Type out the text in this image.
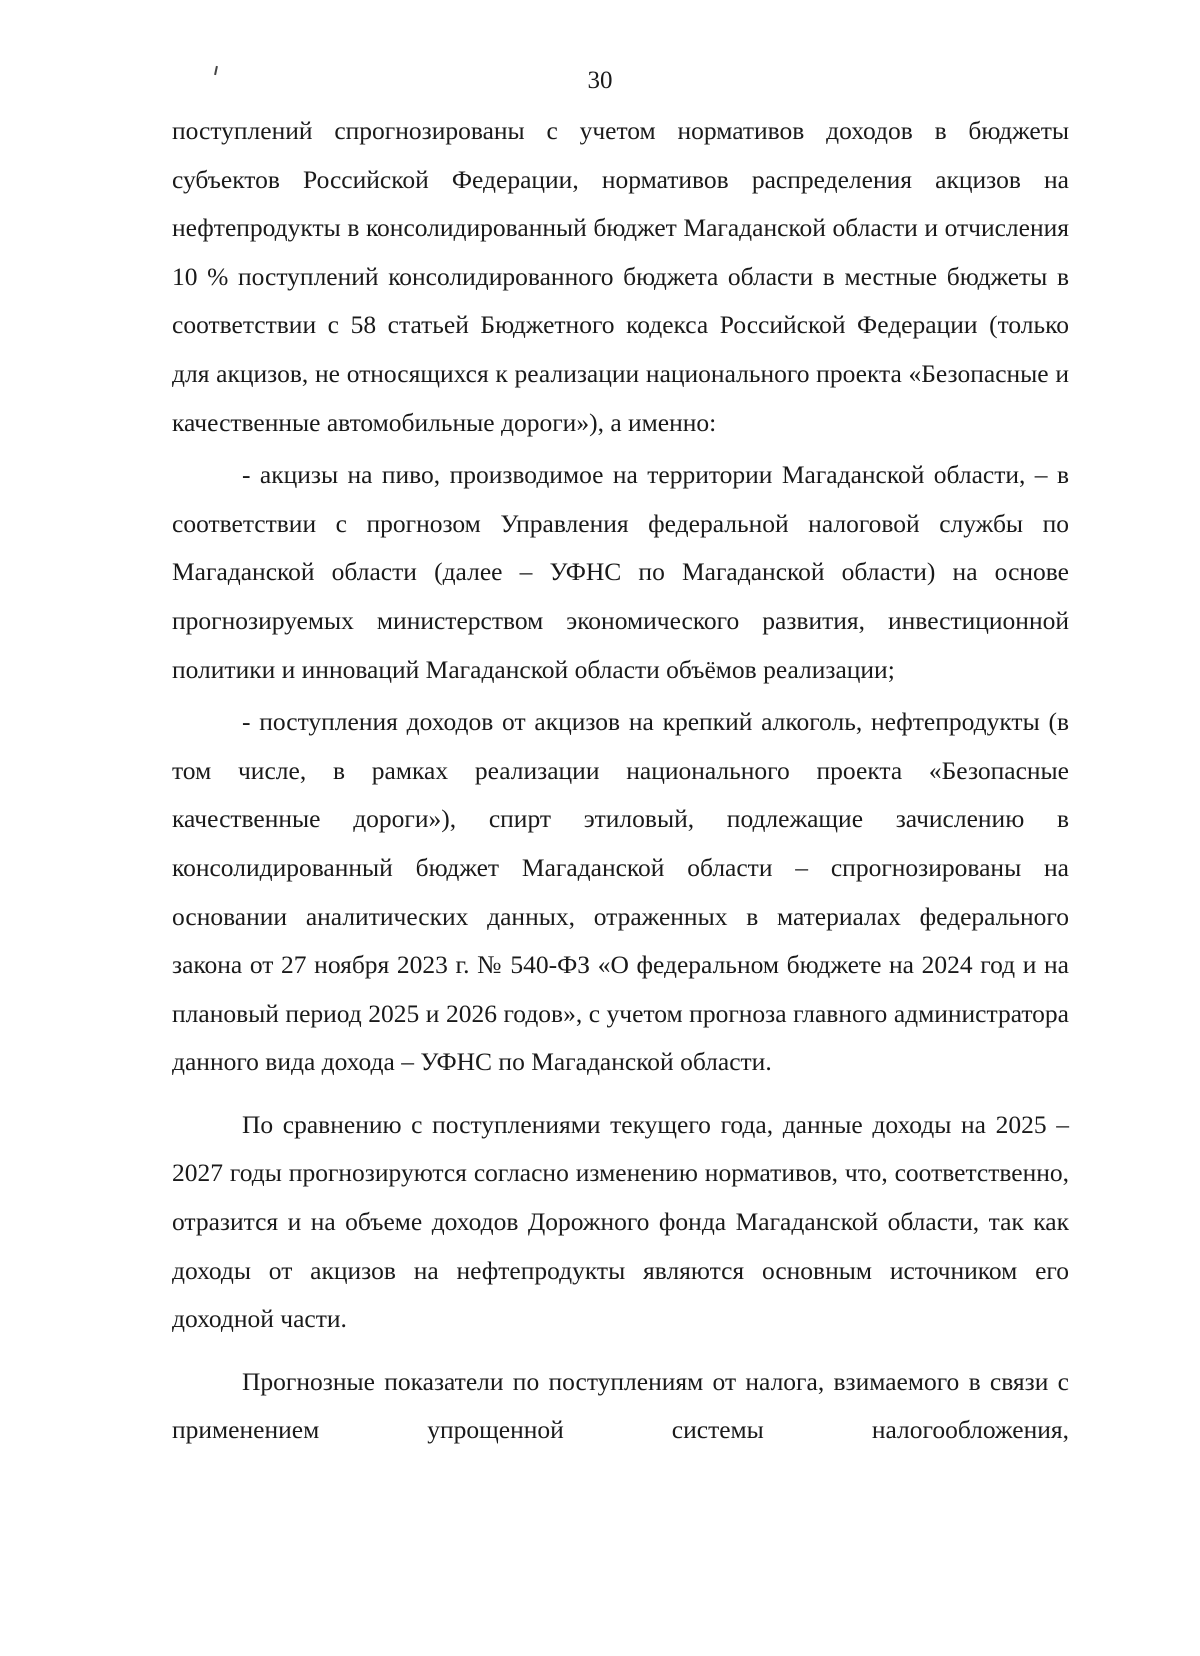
30

поступлений спрогнозированы с учетом нормативов доходов в бюджеты субъектов Российской Федерации, нормативов распределения акцизов на нефтепродукты в консолидированный бюджет Магаданской области и отчисления 10 % поступлений консолидированного бюджета области в местные бюджеты в соответствии с 58 статьей Бюджетного кодекса Российской Федерации (только для акцизов, не относящихся к реализации национального проекта «Безопасные и качественные автомобильные дороги»), а именно:

- акцизы на пиво, производимое на территории Магаданской области, – в соответствии с прогнозом Управления федеральной налоговой службы по Магаданской области (далее – УФНС по Магаданской области) на основе прогнозируемых министерством экономического развития, инвестиционной политики и инноваций Магаданской области объёмов реализации;

- поступления доходов от акцизов на крепкий алкоголь, нефтепродукты (в том числе, в рамках реализации национального проекта «Безопасные качественные дороги»), спирт этиловый, подлежащие зачислению в консолидированный бюджет Магаданской области – спрогнозированы на основании аналитических данных, отраженных в материалах федерального закона от 27 ноября 2023 г. № 540-ФЗ «О федеральном бюджете на 2024 год и на плановый период 2025 и 2026 годов», с учетом прогноза главного администратора данного вида дохода – УФНС по Магаданской области.

По сравнению с поступлениями текущего года, данные доходы на 2025 – 2027 годы прогнозируются согласно изменению нормативов, что, соответственно, отразится и на объеме доходов Дорожного фонда Магаданской области, так как доходы от акцизов на нефтепродукты являются основным источником его доходной части.

Прогнозные показатели по поступлениям от налога, взимаемого в связи с применением упрощенной системы налогообложения,
